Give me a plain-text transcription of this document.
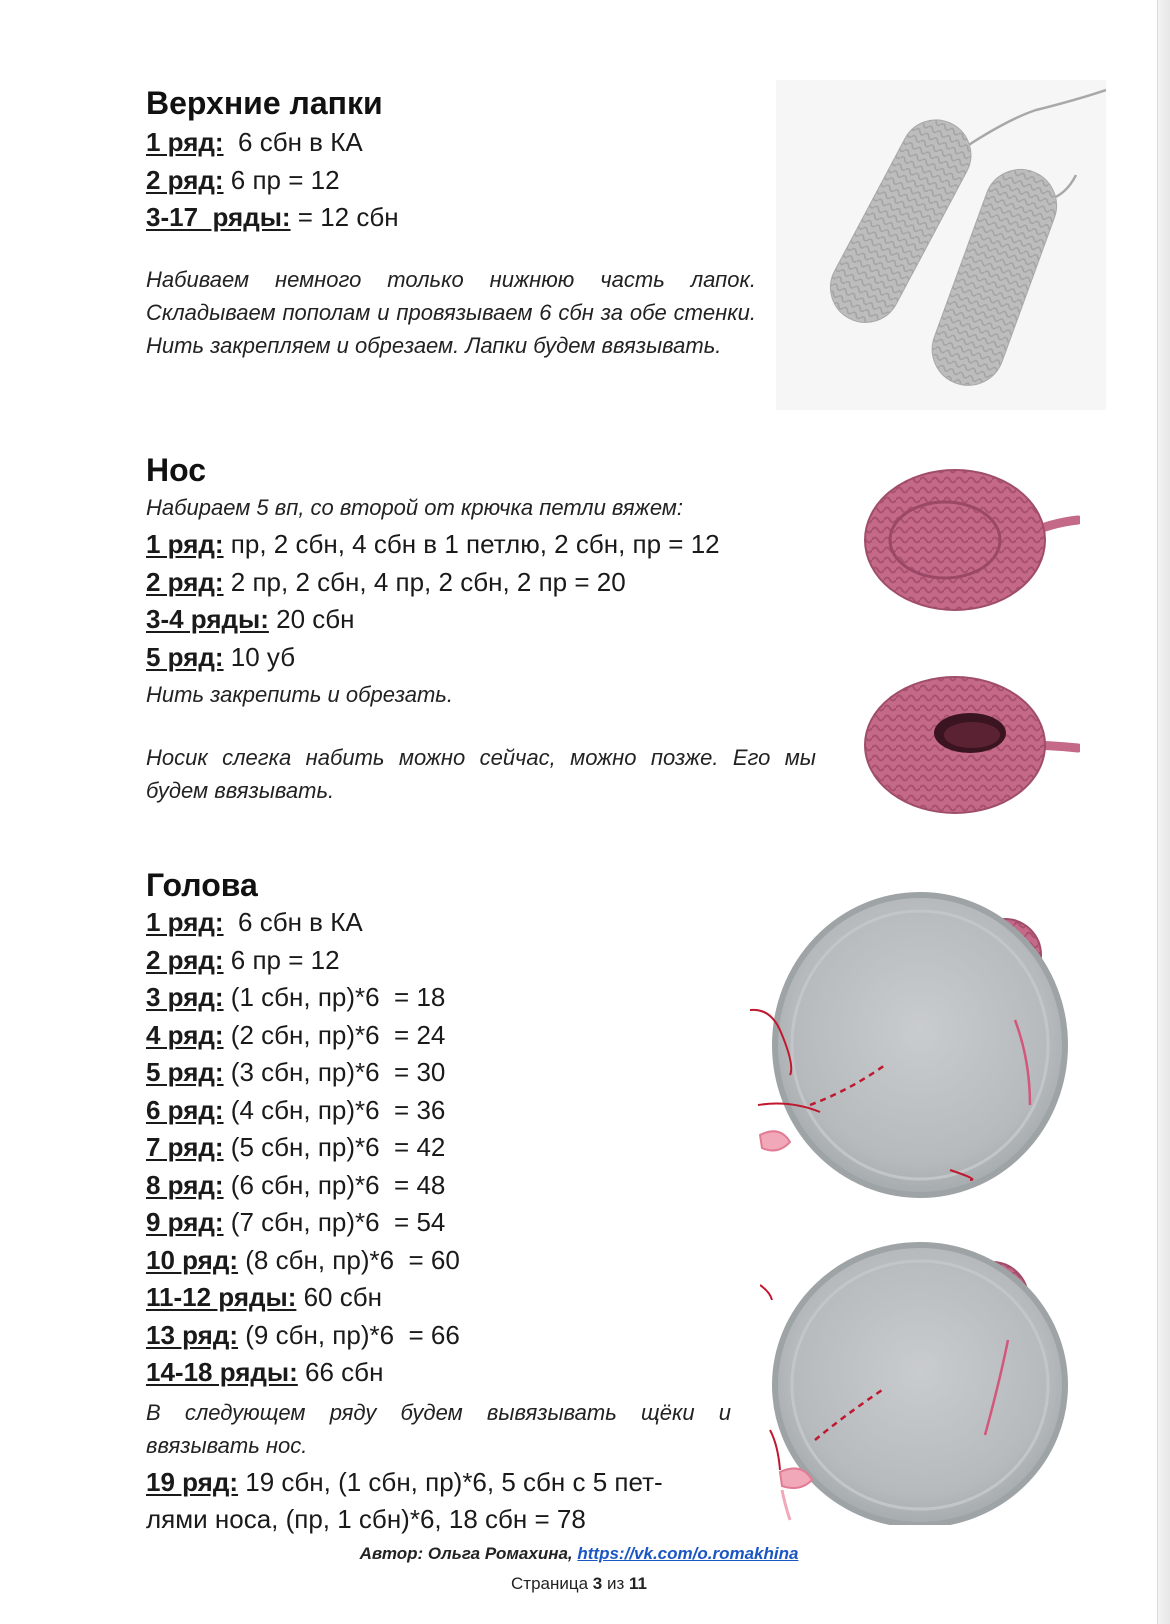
Верхние лапки
1 ряд:  6 сбн в КА
2 ряд: 6 пр = 12
3-17  ряды: = 12 сбн
Набиваем немного только нижнюю часть лапок. Складываем пополам и провязываем 6 сбн за обе стенки. Нить закрепляем и обрезаем. Лапки будем ввязывать.
Нос
Набираем 5 вп, со второй от крючка петли вяжем:
1 ряд: пр, 2 сбн, 4 сбн в 1 петлю, 2 сбн, пр = 12
2 ряд: 2 пр, 2 сбн, 4 пр, 2 сбн, 2 пр = 20
3-4 ряды: 20 сбн
5 ряд: 10 уб
Нить закрепить и обрезать.
Носик слегка набить можно сейчас, можно позже. Его мы будем ввязывать.
Голова
1 ряд:  6 сбн в КА
2 ряд: 6 пр = 12
3 ряд: (1 сбн, пр)*6  = 18
4 ряд: (2 сбн, пр)*6  = 24
5 ряд: (3 сбн, пр)*6  = 30
6 ряд: (4 сбн, пр)*6  = 36
7 ряд: (5 сбн, пр)*6  = 42
8 ряд: (6 сбн, пр)*6  = 48
9 ряд: (7 сбн, пр)*6  = 54
10 ряд: (8 сбн, пр)*6  = 60
11-12 ряды: 60 сбн
13 ряд: (9 сбн, пр)*6  = 66
14-18 ряды: 66 сбн
В следующем ряду будем вывязывать щёки и ввязывать нос.
19 ряд: 19 сбн, (1 сбн, пр)*6, 5 сбн с 5 пет-
лями носа, (пр, 1 сбн)*6, 18 сбн = 78
Автор: Ольга Ромахина, https://vk.com/o.romakhina
Страница 3 из 11
